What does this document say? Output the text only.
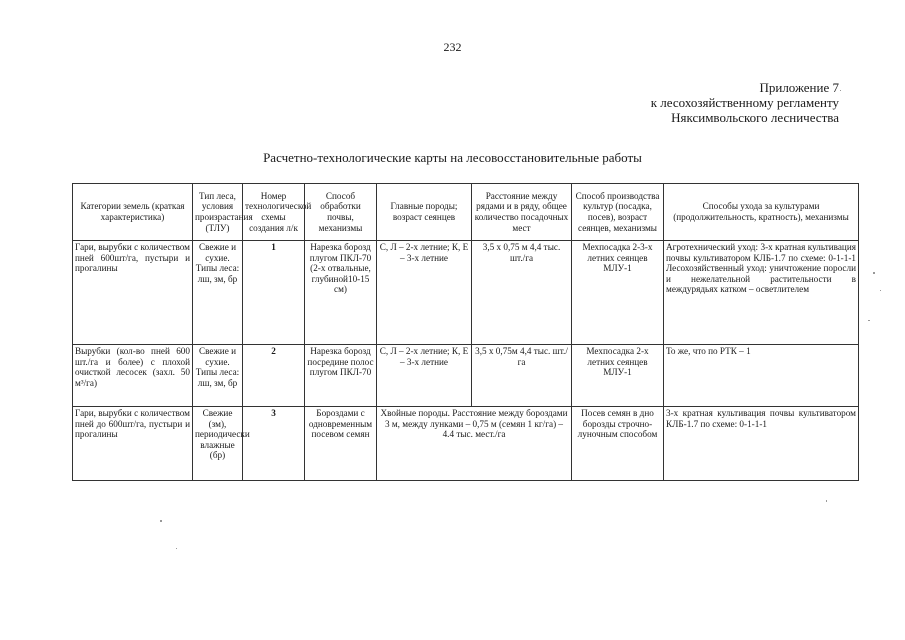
232
Приложение 7
к лесохозяйственному регламенту
Няксимвольского лесничества
Расчетно-технологические карты на лесовосстановительные работы
Категории земель (краткая характеристика)	Тип леса, условия произрастания (ТЛУ)	Номер технологической схемы создания л/к	Способ обработки почвы, механизмы	Главные породы; возраст сеянцев	Расстояние между рядами и в ряду, общее количество посадочных мест	Способ производства культур (посадка, посев), возраст сеянцев, механизмы	Способы ухода за культурами (продолжительность, кратность), механизмы
Гари, вырубки с количеством пней 600шт/га, пустыри и прогалины	Свежие и сухие. Типы леса: лш, зм, бр	1	Нарезка борозд плугом ПКЛ-70 (2-х отвальные, глубиной10-15 см)	С, Л – 2-х летние; К, Е – 3-х летние	3,5 х 0,75 м 4,4 тыс. шт./га	Мехпосадка 2-3-х летних сеянцев МЛУ-1	Агротехнический уход: 3-х кратная культивация почвы культиватором КЛБ-1.7 по схеме: 0-1-1-1 Лесохозяйственный уход: уничтожение поросли и нежелательной растительности в междурядьях катком – осветлителем
Вырубки (кол-во пней 600 шт./га и более) с плохой очисткой лесосек (захл. 50 м³/га)	Свежие и сухие. Типы леса: лш, зм, бр	2	Нарезка борозд посредине полос плугом ПКЛ-70	С, Л – 2-х летние; К, Е – 3-х летние	3,5 х 0,75м 4,4 тыс. шт./га	Мехпосадка 2-х летних сеянцев МЛУ-1	То же, что по РТК – 1
Гари, вырубки с количеством пней до 600шт/га, пустыри и прогалины	Свежие (зм), периодически влажные (бр)	3	Бороздами с одновременным посевом семян	Хвойные породы. Расстояние между бороздами 3 м, между лунками – 0,75 м (семян 1 кг/га) – 4.4 тыс. мест./га		Посев семян в дно борозды строчно-луночным способом	3-х кратная культивация почвы культиватором КЛБ-1.7 по схеме: 0-1-1-1
